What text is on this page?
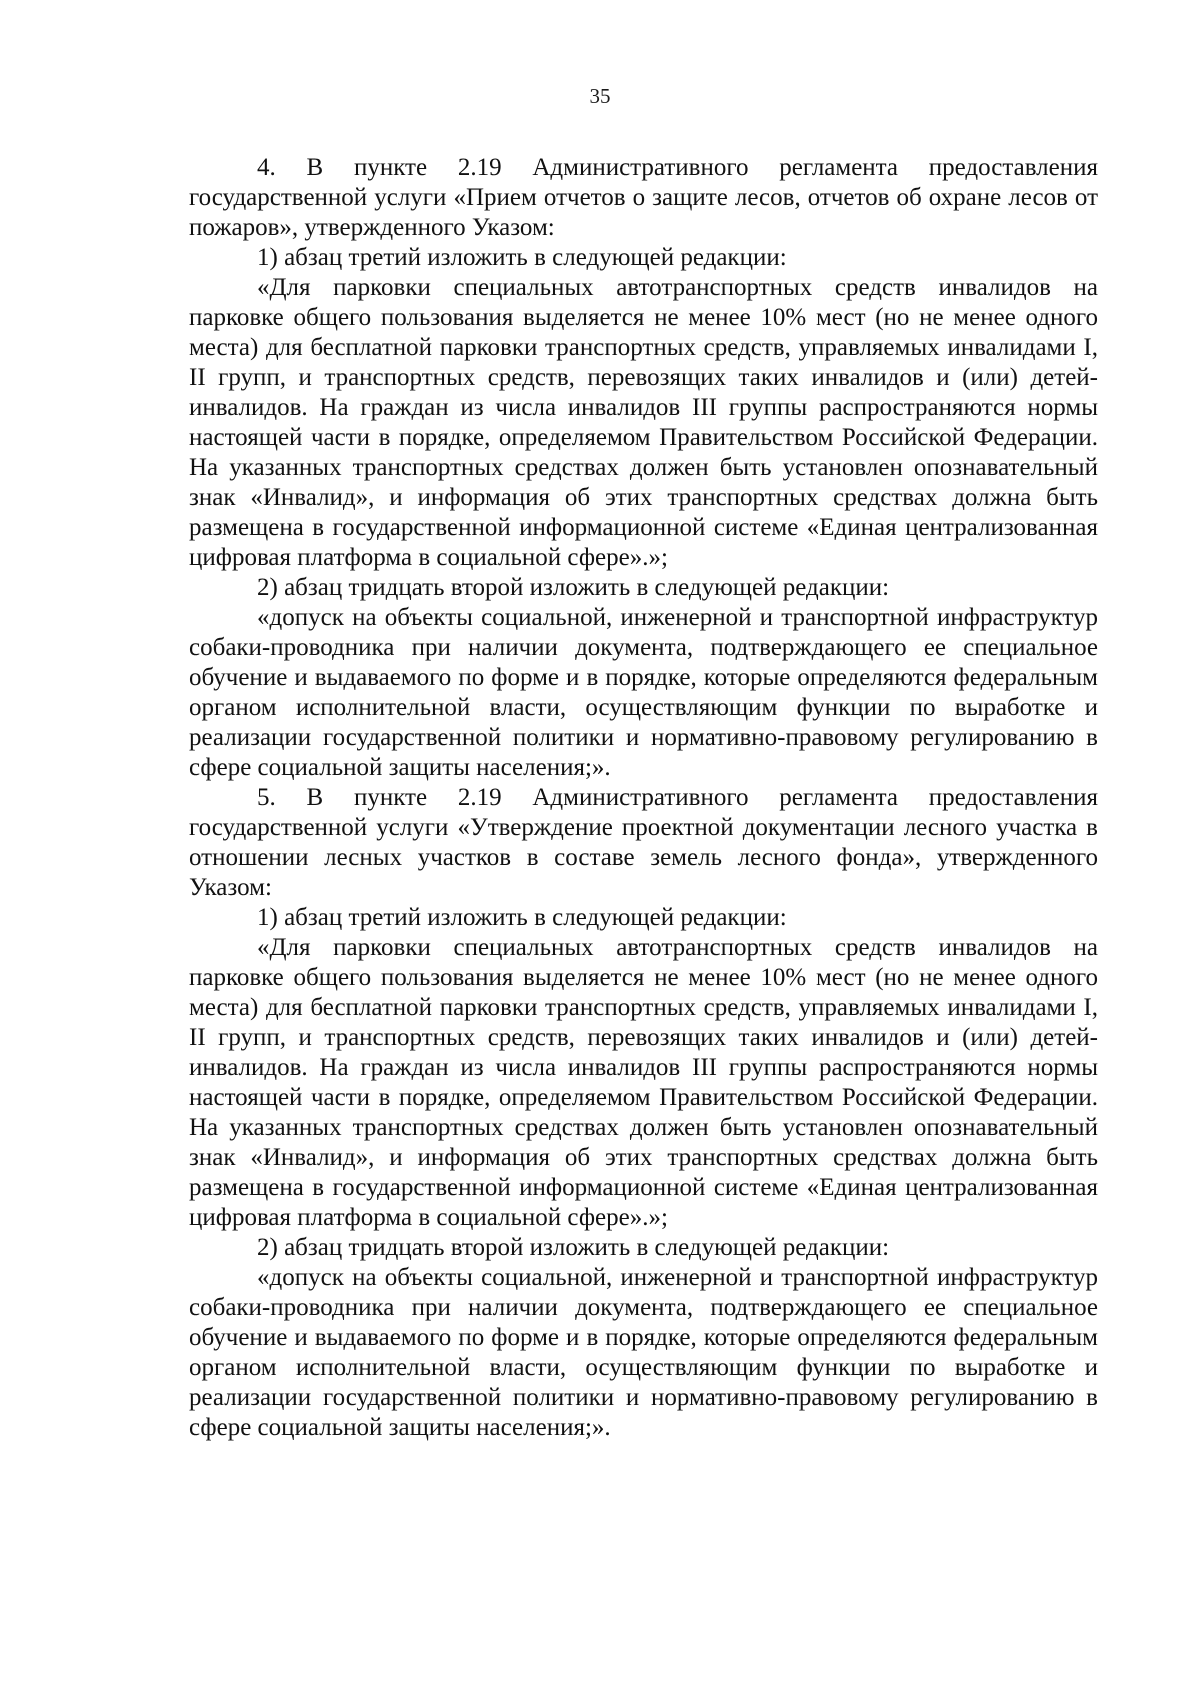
35

4. В пункте 2.19 Административного регламента предоставления государственной услуги «Прием отчетов о защите лесов, отчетов об охране лесов от пожаров», утвержденного Указом:

1) абзац третий изложить в следующей редакции:

«Для парковки специальных автотранспортных средств инвалидов на парковке общего пользования выделяется не менее 10% мест (но не менее одного места) для бесплатной парковки транспортных средств, управляемых инвалидами I, II групп, и транспортных средств, перевозящих таких инвалидов и (или) детей-инвалидов. На граждан из числа инвалидов III группы распространяются нормы настоящей части в порядке, определяемом Правительством Российской Федерации. На указанных транспортных средствах должен быть установлен опознавательный знак «Инвалид», и информация об этих транспортных средствах должна быть размещена в государственной информационной системе «Единая централизованная цифровая платформа в социальной сфере».»;

2) абзац тридцать второй изложить в следующей редакции:

«допуск на объекты социальной, инженерной и транспортной инфраструктур собаки-проводника при наличии документа, подтверждающего ее специальное обучение и выдаваемого по форме и в порядке, которые определяются федеральным органом исполнительной власти, осуществляющим функции по выработке и реализации государственной политики и нормативно-правовому регулированию в сфере социальной защиты населения;».

5. В пункте 2.19 Административного регламента предоставления государственной услуги «Утверждение проектной документации лесного участка в отношении лесных участков в составе земель лесного фонда», утвержденного Указом:

1) абзац третий изложить в следующей редакции:

«Для парковки специальных автотранспортных средств инвалидов на парковке общего пользования выделяется не менее 10% мест (но не менее одного места) для бесплатной парковки транспортных средств, управляемых инвалидами I, II групп, и транспортных средств, перевозящих таких инвалидов и (или) детей-инвалидов. На граждан из числа инвалидов III группы распространяются нормы настоящей части в порядке, определяемом Правительством Российской Федерации. На указанных транспортных средствах должен быть установлен опознавательный знак «Инвалид», и информация об этих транспортных средствах должна быть размещена в государственной информационной системе «Единая централизованная цифровая платформа в социальной сфере».»;

2) абзац тридцать второй изложить в следующей редакции:

«допуск на объекты социальной, инженерной и транспортной инфраструктур собаки-проводника при наличии документа, подтверждающего ее специальное обучение и выдаваемого по форме и в порядке, которые определяются федеральным органом исполнительной власти, осуществляющим функции по выработке и реализации государственной политики и нормативно-правовому регулированию в сфере социальной защиты населения;».
